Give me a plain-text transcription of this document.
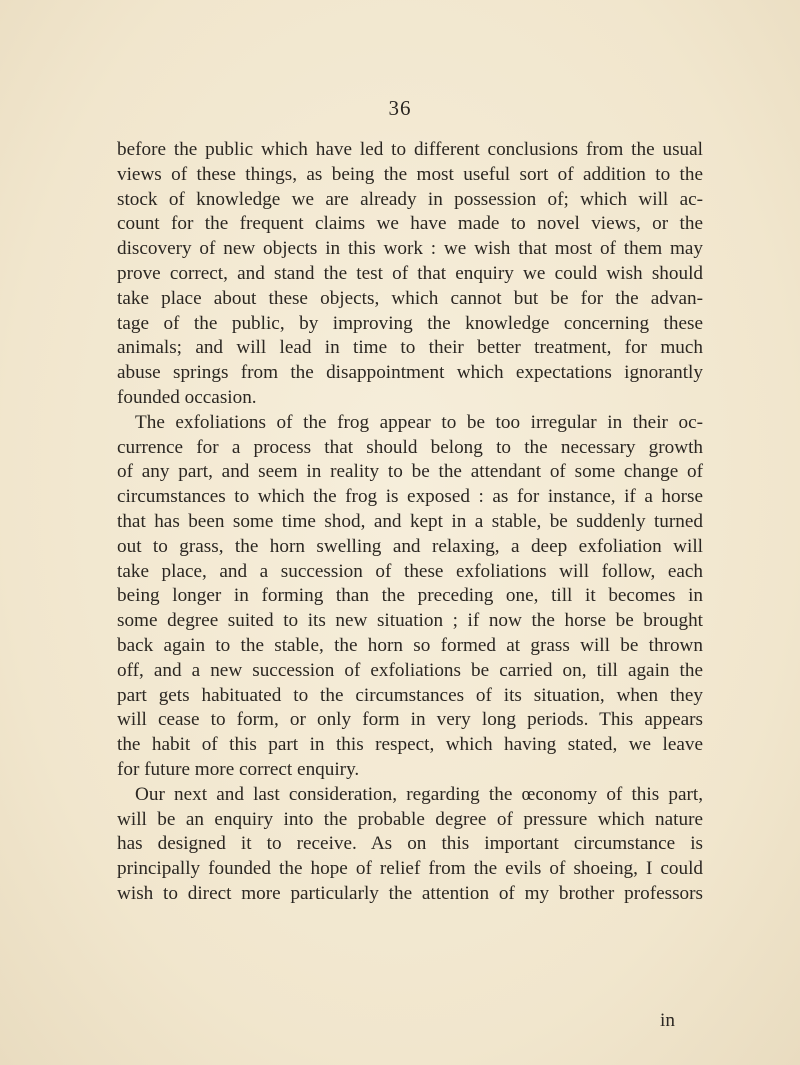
36
before the public which have led to different conclusions from the usual
views of these things, as being the most useful sort of addition to the
stock of knowledge we are already in possession of; which will ac-
count for the frequent claims we have made to novel views, or the
discovery of new objects in this work : we wish that most of them may
prove correct, and stand the test of that enquiry we could wish should
take place about these objects, which cannot but be for the advan-
tage of the public, by improving the knowledge concerning these
animals; and will lead in time to their better treatment, for much
abuse springs from the disappointment which expectations ignorantly
founded occasion.
The exfoliations of the frog appear to be too irregular in their oc-
currence for a process that should belong to the necessary growth
of any part, and seem in reality to be the attendant of some change of
circumstances to which the frog is exposed : as for instance, if a horse
that has been some time shod, and kept in a stable, be suddenly turned
out to grass, the horn swelling and relaxing, a deep exfoliation will
take place, and a succession of these exfoliations will follow, each
being longer in forming than the preceding one, till it becomes in
some degree suited to its new situation ; if now the horse be brought
back again to the stable, the horn so formed at grass will be thrown
off, and a new succession of exfoliations be carried on, till again the
part gets habituated to the circumstances of its situation, when they
will cease to form, or only form in very long periods. This appears
the habit of this part in this respect, which having stated, we leave
for future more correct enquiry.
Our next and last consideration, regarding the œconomy of this part,
will be an enquiry into the probable degree of pressure which nature
has designed it to receive. As on this important circumstance is
principally founded the hope of relief from the evils of shoeing, I could
wish to direct more particularly the attention of my brother professors
in
